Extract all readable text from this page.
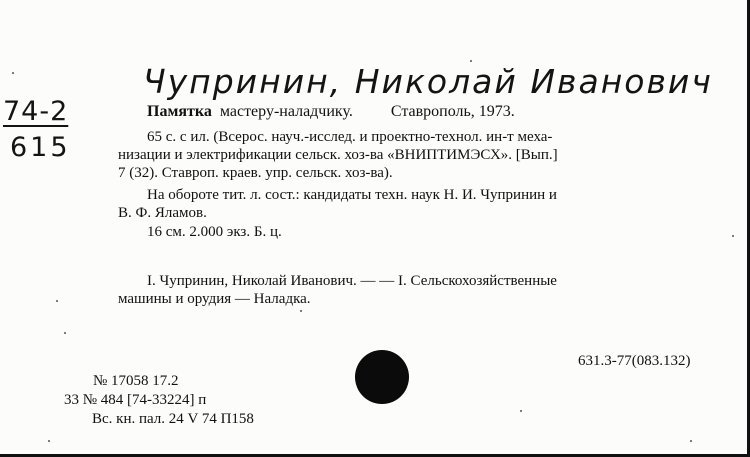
Чупринин, Николай Иванович
74-2
615
Памятка мастеру-наладчику. Ставрополь, 1973.
65 с. с ил. (Всерос. науч.-исслед. и проектно-технол. ин-т меха-
низации и электрификации сельск. хоз-ва «ВНИПТИМЭСХ». [Вып.]
7 (32). Ставроп. краев. упр. сельск. хоз-ва).
На обороте тит. л. сост.: кандидаты техн. наук Н. И. Чупринин и
В. Ф. Яламов.
16 см. 2.000 экз. Б. ц.
I. Чупринин, Николай Иванович. — — I. Сельскохозяйственные
машины и орудия — Наладка.
631.3-77(083.132)
№ 17058 17.2
33 № 484 [74-33224] п
Вс. кн. пал. 24 V 74 П158
